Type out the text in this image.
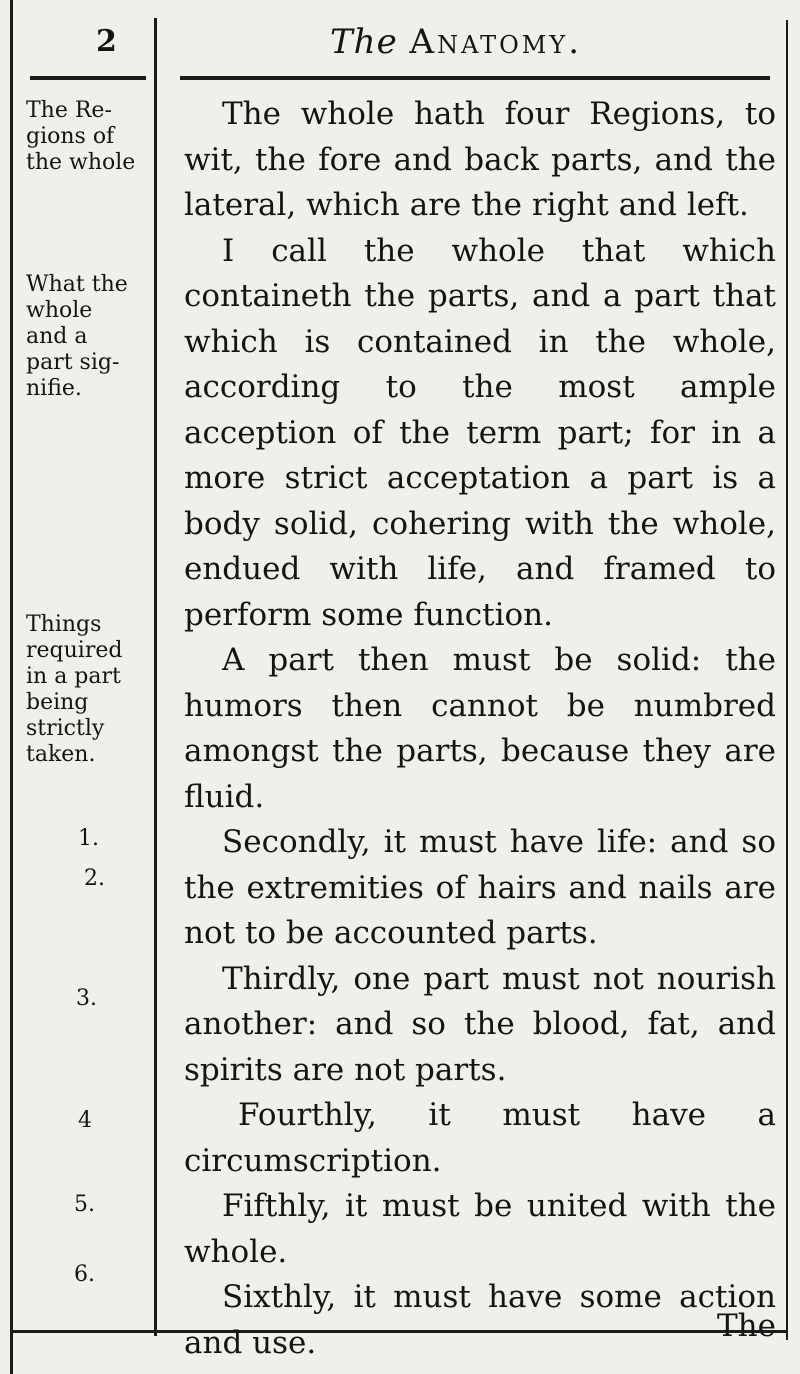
2	The Anatomy.
The Re-gions of the whole
What the whole and a part sig-nifie.
Things required in a part being strictly taken.
1.
2.
3.
4
5.
6.

The whole hath four Regions, to wit, the fore and back parts, and the lateral, which are the right and left.

I call the whole that which containeth the parts, and a part that which is contained in the whole, according to the most ample acception of the term part; for in a more strict acceptation a part is a body solid, cohering with the whole, endued with life, and framed to perform some function.

A part then must be solid: the humors then cannot be numbred amongst the parts, because they are fluid.

Secondly, it must have life: and so the extremities of hairs and nails are not to be accounted parts.

Thirdly, one part must not nourish another: and so the blood, fat, and spirits are not parts.

Fourthly, it must have a circumscription.

Fifthly, it must be united with the whole.

Sixthly, it must have some action and use.	The
